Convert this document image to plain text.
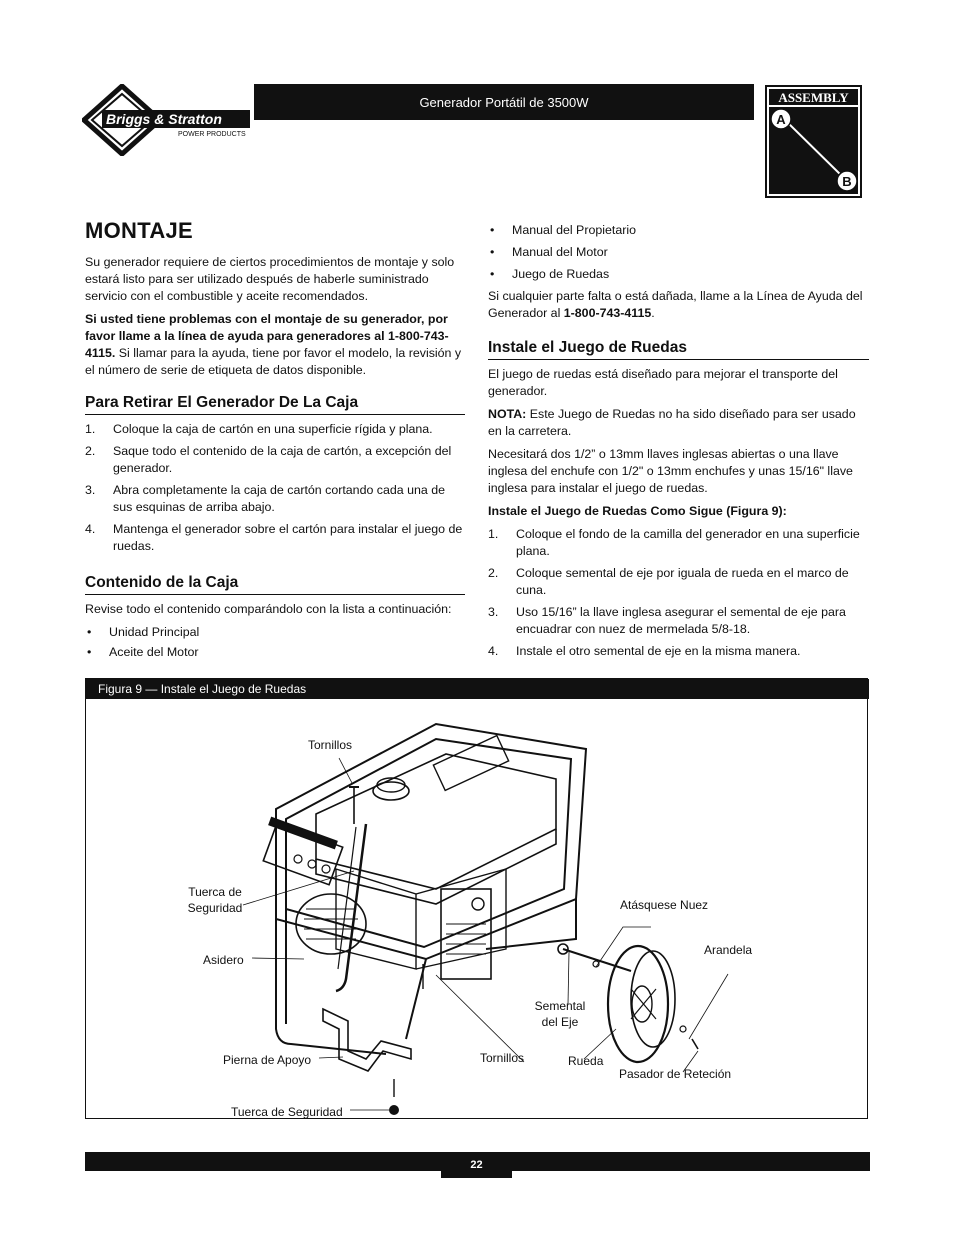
Briggs & Stratton
POWER PRODUCTS
Generador Portátil de 3500W	ASSEMBLY
A
B
MONTAJE

Su generador requiere de ciertos procedimientos de montaje y solo estará listo para ser utilizado después de haberle suministrado servicio con el combustible y aceite recomendados.

Si usted tiene problemas con el montaje de su generador, por favor llame a la línea de ayuda para generadores al 1-800-743-4115. Si llamar para la ayuda, tiene por favor el modelo, la revisión y el número de serie de etiqueta de datos disponible.

Para Retirar El Generador De La Caja
1.	Coloque la caja de cartón en una superficie rígida y plana.
2.	Saque todo el contenido de la caja de cartón, a excepción del generador.
3.	Abra completamente la caja de cartón cortando cada una de sus esquinas de arriba abajo.
4.	Mantenga el generador sobre el cartón para instalar el juego de ruedas.
Contenido de la Caja

Revise todo el contenido comparándolo con la lista a continuación:

•	Unidad Principal
•	Aceite del Motor
•	Manual del Propietario
•	Manual del Motor
•	Juego de Ruedas

Si cualquier parte falta o está dañada, llame a la Línea de Ayuda del Generador al 1-800-743-4115.

Instale el Juego de Ruedas

El juego de ruedas está diseñado para mejorar el transporte del generador.

NOTA: Este Juego de Ruedas no ha sido diseñado para ser usado en la carretera.

Necesitará dos 1/2” o 13mm llaves inglesas abiertas o una llave inglesa del enchufe con 1/2" o 13mm enchufes y unas 15/16" llave inglesa para instalar el juego de ruedas.

Instale el Juego de Ruedas Como Sigue (Figura 9):

1.	Coloque el fondo de la camilla del generador en una superficie plana.
2.	Coloque semental de eje por iguala de rueda en el marco de cuna.
3.	Uso 15/16” la llave inglesa asegurar el semental de eje para encuadrar con nuez de mermelada 5/8-18.
4.	Instale el otro semental de eje en la misma manera.
Figura 9 — Instale el Juego de Ruedas
Tornillos
Tuerca de
Seguridad
Asidero
Pierna de Apoyo
Tuerca de Seguridad
Tornillos
Semental
del Eje
Rueda
Atásquese Nuez
Arandela
Pasador de Reteción
22
